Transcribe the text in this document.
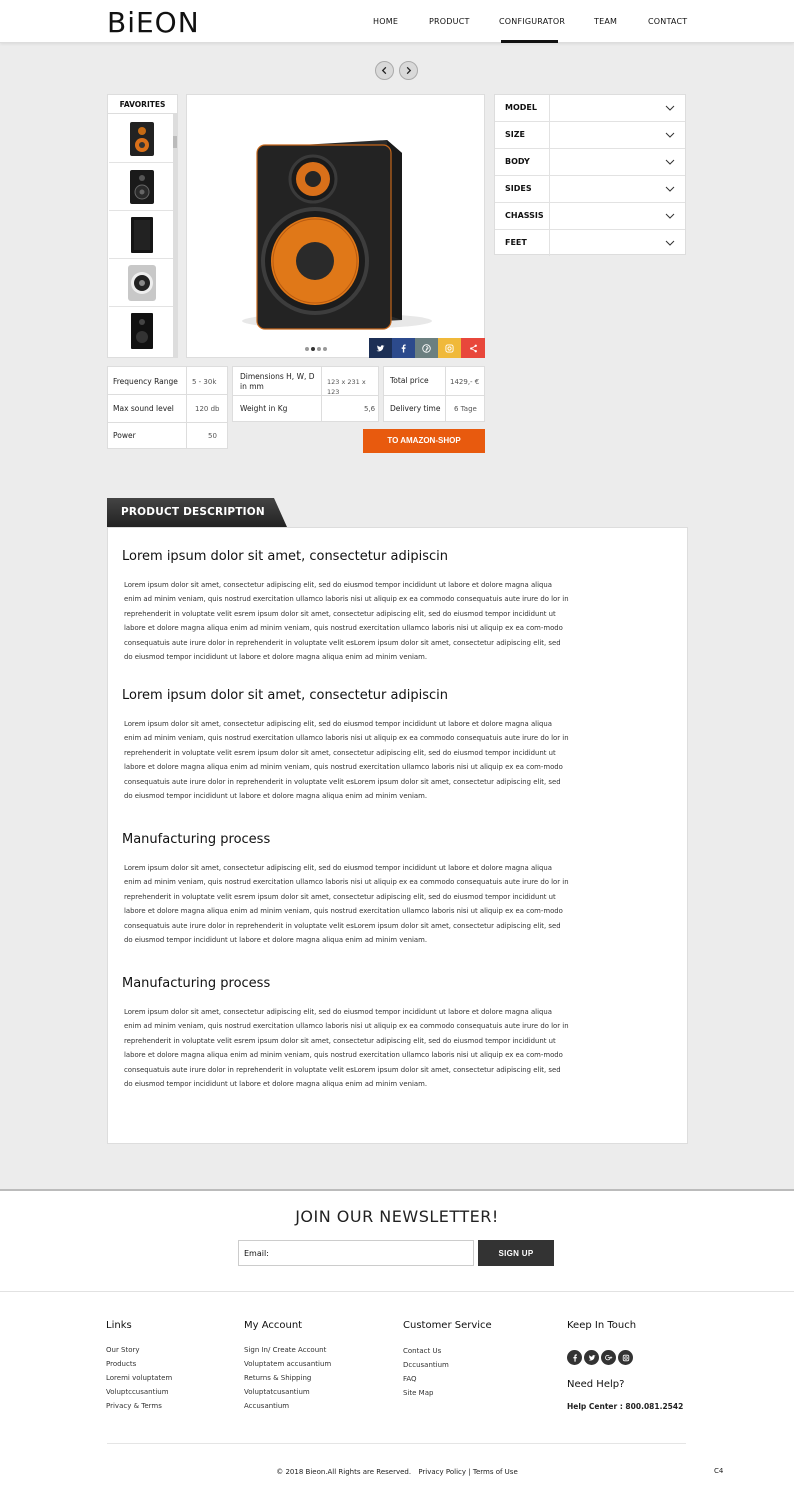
BiEON	HOME	PRODUCT	CONFIGURATOR	TEAM	CONTACT
FAVORITES	MODEL
SIZE
BODY
SIDES
CHASSIS
FEET
Frequency Range 5 - 30k
Max sound level	120 db
Power	50
Dimensions H, W, D in mm	123 x 231 x 123
Weight in Kg	5,6
Total price	1429,- €
Delivery time 6 Tage
TO AMAZON-SHOP
PRODUCT DESCRIPTION
Lorem ipsum dolor sit amet, consectetur adipiscin
Lorem ipsum dolor sit amet, consectetur adipiscing elit, sed do eiusmod tempor incididunt ut labore et dolore magna aliqua enim ad minim veniam, quis nostrud exercitation ullamco laboris nisi ut aliquip ex ea commodo consequatuis aute irure do lor in reprehenderit in voluptate velit esrem ipsum dolor sit amet, consectetur adipiscing elit, sed do eiusmod tempor incididunt ut labore et dolore magna aliqua enim ad minim veniam, quis nostrud exercitation ullamco laboris nisi ut aliquip ex ea com-modo consequatuis aute irure dolor in reprehenderit in voluptate velit esLorem ipsum dolor sit amet, consectetur adipiscing elit, sed do eiusmod tempor incididunt ut labore et dolore magna aliqua enim ad minim veniam.
Lorem ipsum dolor sit amet, consectetur adipiscin
Lorem ipsum dolor sit amet, consectetur adipiscing elit, sed do eiusmod tempor incididunt ut labore et dolore magna aliqua enim ad minim veniam, quis nostrud exercitation ullamco laboris nisi ut aliquip ex ea commodo consequatuis aute irure do lor in reprehenderit in voluptate velit esrem ipsum dolor sit amet, consectetur adipiscing elit, sed do eiusmod tempor incididunt ut labore et dolore magna aliqua enim ad minim veniam, quis nostrud exercitation ullamco laboris nisi ut aliquip ex ea com-modo consequatuis aute irure dolor in reprehenderit in voluptate velit esLorem ipsum dolor sit amet, consectetur adipiscing elit, sed do eiusmod tempor incididunt ut labore et dolore magna aliqua enim ad minim veniam.
Manufacturing process
Lorem ipsum dolor sit amet, consectetur adipiscing elit, sed do eiusmod tempor incididunt ut labore et dolore magna aliqua enim ad minim veniam, quis nostrud exercitation ullamco laboris nisi ut aliquip ex ea commodo consequatuis aute irure do lor in reprehenderit in voluptate velit esrem ipsum dolor sit amet, consectetur adipiscing elit, sed do eiusmod tempor incididunt ut labore et dolore magna aliqua enim ad minim veniam, quis nostrud exercitation ullamco laboris nisi ut aliquip ex ea com-modo consequatuis aute irure dolor in reprehenderit in voluptate velit esLorem ipsum dolor sit amet, consectetur adipiscing elit, sed do eiusmod tempor incididunt ut labore et dolore magna aliqua enim ad minim veniam.
Manufacturing process
Lorem ipsum dolor sit amet, consectetur adipiscing elit, sed do eiusmod tempor incididunt ut labore et dolore magna aliqua enim ad minim veniam, quis nostrud exercitation ullamco laboris nisi ut aliquip ex ea commodo consequatuis aute irure do lor in reprehenderit in voluptate velit esrem ipsum dolor sit amet, consectetur adipiscing elit, sed do eiusmod tempor incididunt ut labore et dolore magna aliqua enim ad minim veniam, quis nostrud exercitation ullamco laboris nisi ut aliquip ex ea com-modo consequatuis aute irure dolor in reprehenderit in voluptate velit esLorem ipsum dolor sit amet, consectetur adipiscing elit, sed do eiusmod tempor incididunt ut labore et dolore magna aliqua enim ad minim veniam.
JOIN OUR NEWSLETTER!
Email:
SIGN UP
Links
Our Story
Products
Loremi voluptatem
Voluptccusantium
Privacy & Terms
My Account
Sign In/ Create Account
Voluptatem accusantium
Returns & Shipping
Voluptatcusantium
Accusantium
Customer Service
Contact Us
Dccusantium
FAQ
Site Map
Keep In Touch
Need Help?
Help Center : 800.081.2542
© 2018 Bieon.All Rights are Reserved. Privacy Policy | Terms of Use	C4
